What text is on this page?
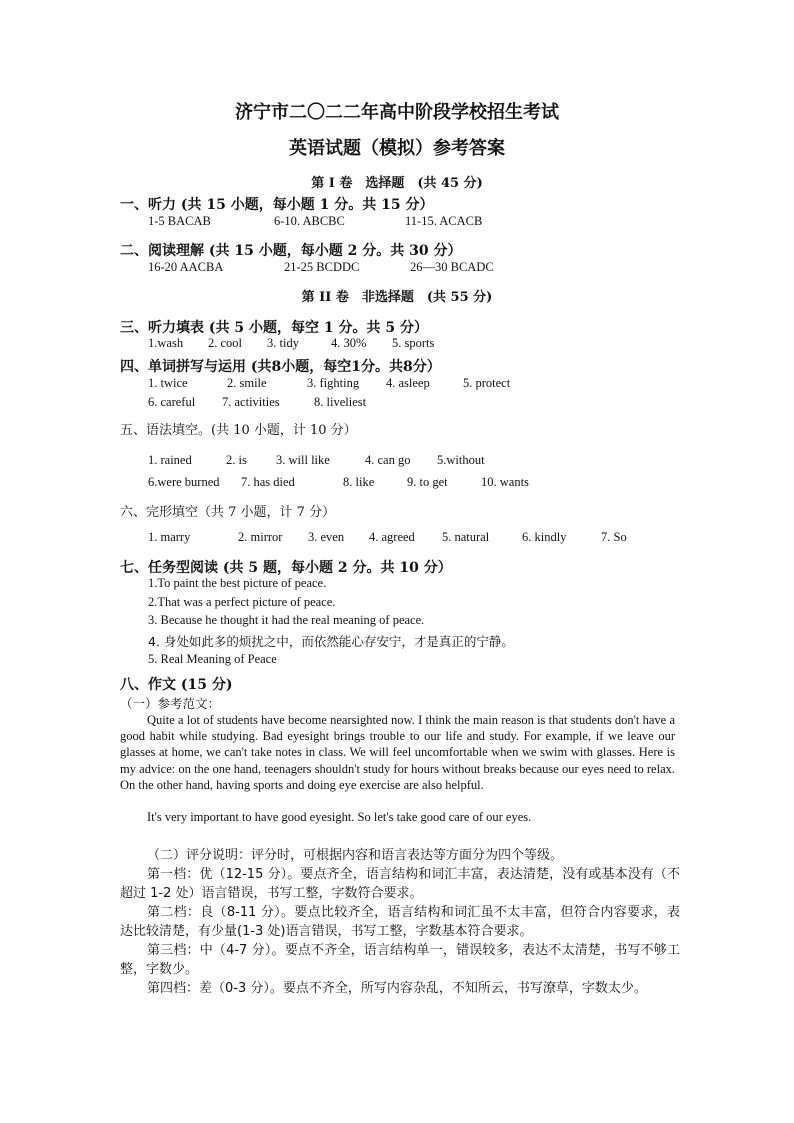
济宁市二〇二二年高中阶段学校招生考试
英语试题（模拟）参考答案
第 I 卷　选择题　(共 45 分)
一、听力 (共 15 小题，每小题 1 分。共 15 分）
1-5 BACAB	6-10. ABCBC	11-15. ACACB
二、阅读理解 (共 15 小题，每小题 2 分。共 30 分）
16-20 AACBA	21-25 BCDDC	26—30 BCADC
第 II 卷　非选择题　(共 55 分)
三、听力填表 (共 5 小题，每空 1 分。共 5 分）
1.wash 2. cool 3. tidy	4. 30% 5. sports
四、单词拼写与运用 (共8小题，每空1分。共8分）
1. twice	2. smile	3. fighting 4. asleep	5. protect
6. careful 7. activities	8. liveliest
五、语法填空。(共 10 小题，计 10 分）
1. rained	2. is 3. will like	4. can go 5.without
6.were burned 7. has died	8. like	9. to get	10. wants
六、完形填空（共 7 小题，计 7 分）
1. marry	2. mirror 3. even 4. agreed 5. natural	6. kindly	7. So
七、任务型阅读 (共 5 题，每小题 2 分。共 10 分）
1.To paint the best picture of peace.
2.That was a perfect picture of peace.
3. Because he thought it had the real meaning of peace.
4. 身处如此多的烦扰之中，而依然能心存安宁，才是真正的宁静。
5. Real Meaning of Peace
八、作文 (15 分)
（一）参考范文：
Quite a lot of students have become nearsighted now. I think the main reason is that students don't have a good habit while studying. Bad eyesight brings trouble to our life and study. For example, if we leave our glasses at home, we can't take notes in class. We will feel uncomfortable when we swim with glasses. Here is my advice: on the one hand, teenagers shouldn't study for hours without breaks because our eyes need to relax. On the other hand, having sports and doing eye exercise are also helpful.
It's very important to have good eyesight. So let's take good care of our eyes.
（二）评分说明：评分时，可根据内容和语言表达等方面分为四个等级。
第一档：优（12-15 分）。要点齐全，语言结构和词汇丰富，表达清楚，没有或基本没有（不超过 1-2 处）语言错误，书写工整，字数符合要求。
第二档：良（8-11 分）。要点比较齐全，语言结构和词汇虽不太丰富，但符合内容要求，表达比较清楚，有少量(1-3 处)语言错误，书写工整，字数基本符合要求。
第三档：中（4-7 分）。要点不齐全，语言结构单一，错误较多，表达不太清楚，书写不够工整，字数少。
第四档：差（0-3 分）。要点不齐全，所写内容杂乱，不知所云，书写潦草，字数太少。
